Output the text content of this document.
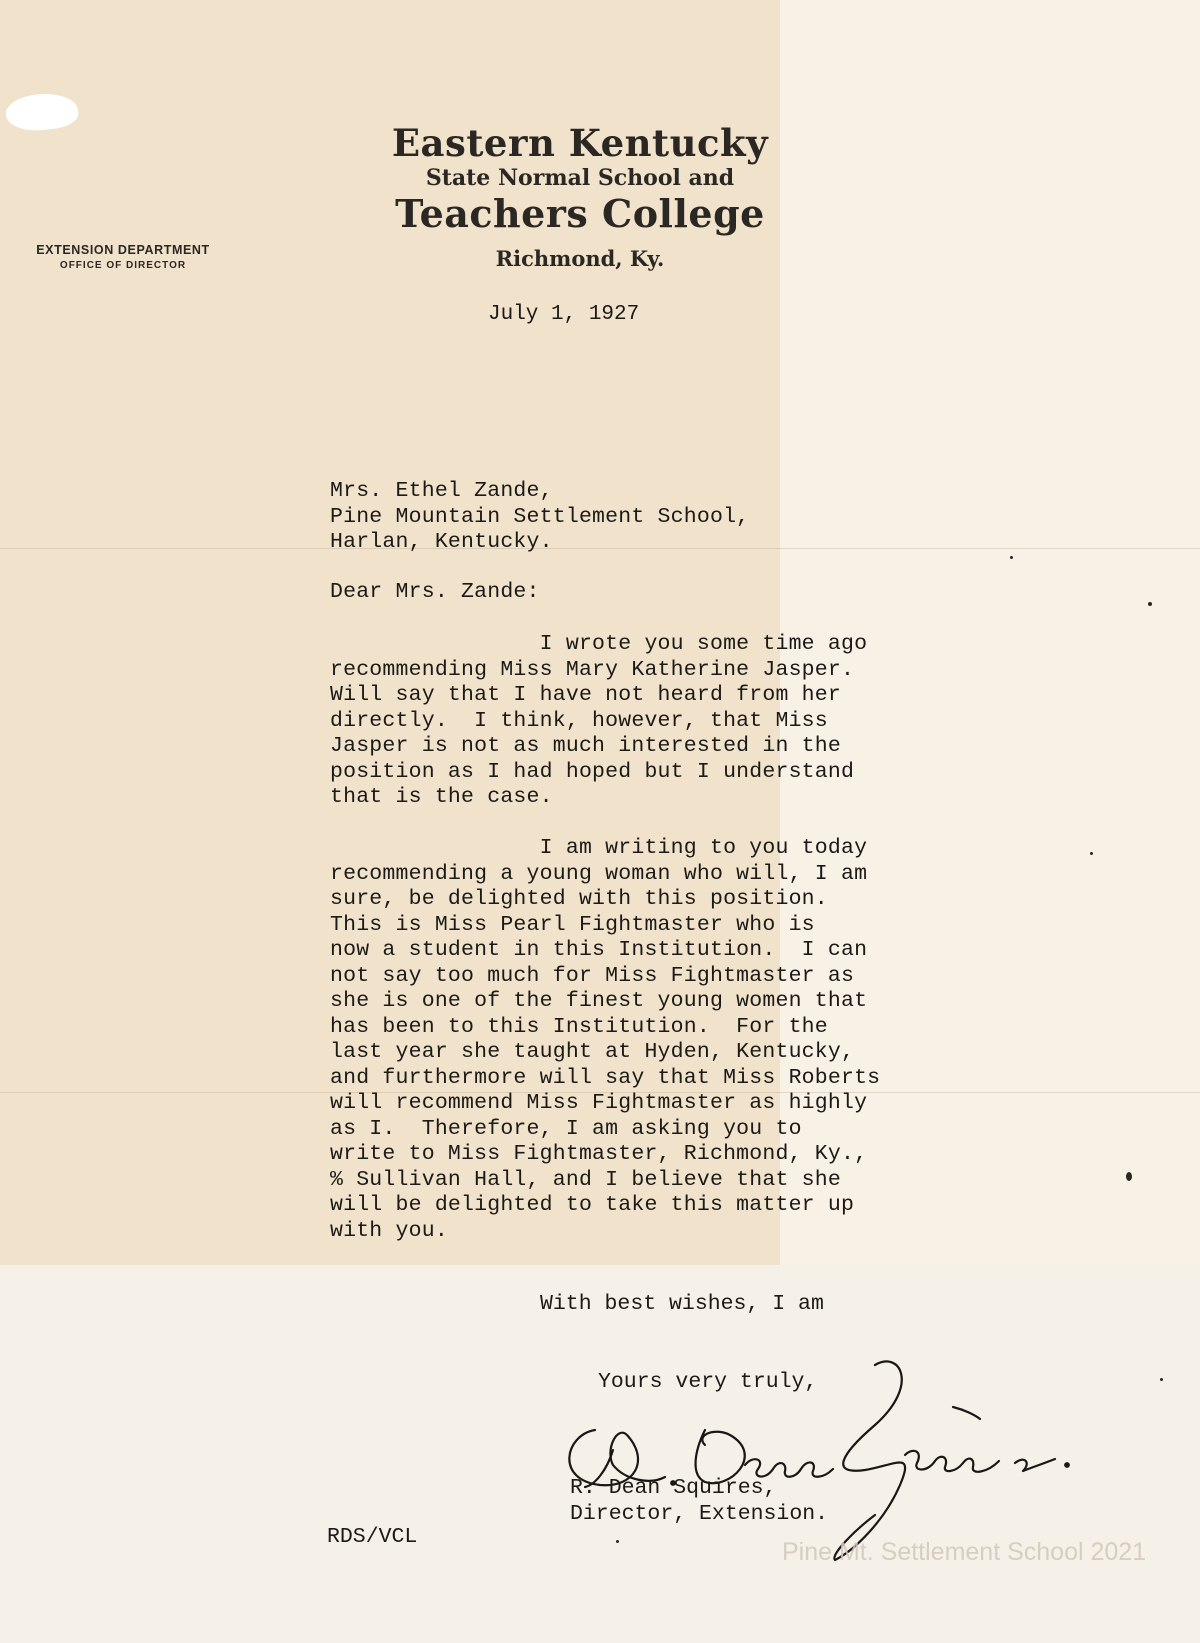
EXTENSION DEPARTMENT
OFFICE OF DIRECTOR
Eastern Kentucky
State Normal School and
Teachers College
Richmond, Ky.
July 1, 1927
Mrs. Ethel Zande,
Pine Mountain Settlement School,
Harlan, Kentucky.
Dear Mrs. Zande:
I wrote you some time ago
recommending Miss Mary Katherine Jasper.
Will say that I have not heard from her
directly.  I think, however, that Miss
Jasper is not as much interested in the
position as I had hoped but I understand
that is the case.
I am writing to you today
recommending a young woman who will, I am
sure, be delighted with this position.
This is Miss Pearl Fightmaster who is
now a student in this Institution.  I can
not say too much for Miss Fightmaster as
she is one of the finest young women that
has been to this Institution.  For the
last year she taught at Hyden, Kentucky,
and furthermore will say that Miss Roberts
will recommend Miss Fightmaster as highly
as I.  Therefore, I am asking you to
write to Miss Fightmaster, Richmond, Ky.,
% Sullivan Hall, and I believe that she
will be delighted to take this matter up
with you.
With best wishes, I am
Yours very truly,
R. Dean Squires,
Director, Extension.
RDS/VCL
Pine Mt. Settlement School 2021
